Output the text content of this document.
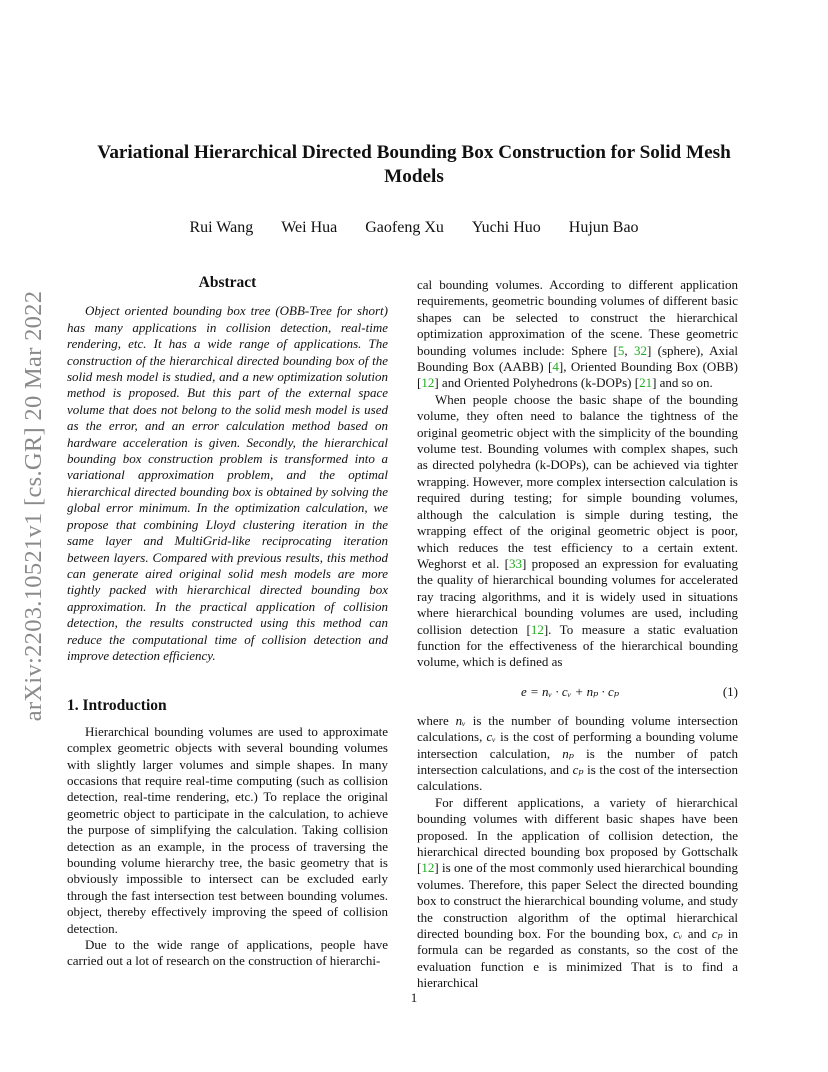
arXiv:2203.10521v1 [cs.GR] 20 Mar 2022
Variational Hierarchical Directed Bounding Box Construction for Solid Mesh Models
Rui Wang Wei Hua Gaofeng Xu Yuchi Huo Hujun Bao
Abstract

Object oriented bounding box tree (OBB-Tree for short) has many applications in collision detection, real-time rendering, etc. It has a wide range of applications. The construction of the hierarchical directed bounding box of the solid mesh model is studied, and a new optimization solution method is proposed. But this part of the external space volume that does not belong to the solid mesh model is used as the error, and an error calculation method based on hardware acceleration is given. Secondly, the hierarchical bounding box construction problem is transformed into a variational approximation problem, and the optimal hierarchical directed bounding box is obtained by solving the global error minimum. In the optimization calculation, we propose that combining Lloyd clustering iteration in the same layer and MultiGrid-like reciprocating iteration between layers. Compared with previous results, this method can generate aired original solid mesh models are more tightly packed with hierarchical directed bounding box approximation. In the practical application of collision detection, the results constructed using this method can reduce the computational time of collision detection and improve detection efficiency.

1. Introduction

Hierarchical bounding volumes are used to approximate complex geometric objects with several bounding volumes with slightly larger volumes and simple shapes. In many occasions that require real-time computing (such as collision detection, real-time rendering, etc.) To replace the original geometric object to participate in the calculation, to achieve the purpose of simplifying the calculation. Taking collision detection as an example, in the process of traversing the bounding volume hierarchy tree, the basic geometry that is obviously impossible to intersect can be excluded early through the fast intersection test between bounding volumes. object, thereby effectively improving the speed of collision detection.

Due to the wide range of applications, people have carried out a lot of research on the construction of hierarchi-

cal bounding volumes. According to different application requirements, geometric bounding volumes of different basic shapes can be selected to construct the hierarchical optimization approximation of the scene. These geometric bounding volumes include: Sphere [5, 32] (sphere), Axial Bounding Box (AABB) [4], Oriented Bounding Box (OBB) [12] and Oriented Polyhedrons (k-DOPs) [21] and so on.

When people choose the basic shape of the bounding volume, they often need to balance the tightness of the original geometric object with the simplicity of the bounding volume test. Bounding volumes with complex shapes, such as directed polyhedra (k-DOPs), can be achieved via tighter wrapping. However, more complex intersection calculation is required during testing; for simple bounding volumes, although the calculation is simple during testing, the wrapping effect of the original geometric object is poor, which reduces the test efficiency to a certain extent. Weghorst et al. [33] proposed an expression for evaluating the quality of hierarchical bounding volumes for accelerated ray tracing algorithms, and it is widely used in situations where hierarchical bounding volumes are used, including collision detection [12]. To measure a static evaluation function for the effectiveness of the hierarchical bounding volume, which is defined as

e = nᵥ · cᵥ + nₚ · cₚ	(1)

where nᵥ is the number of bounding volume intersection calculations, cᵥ is the cost of performing a bounding volume intersection calculation, nₚ is the number of patch intersection calculations, and cₚ is the cost of the intersection calculations.

For different applications, a variety of hierarchical bounding volumes with different basic shapes have been proposed. In the application of collision detection, the hierarchical directed bounding box proposed by Gottschalk [12] is one of the most commonly used hierarchical bounding volumes. Therefore, this paper Select the directed bounding box to construct the hierarchical bounding volume, and study the construction algorithm of the optimal hierarchical directed bounding box. For the bounding box, cᵥ and cₚ in formula can be regarded as constants, so the cost of the evaluation function e is minimized That is to find a hierarchical

1
